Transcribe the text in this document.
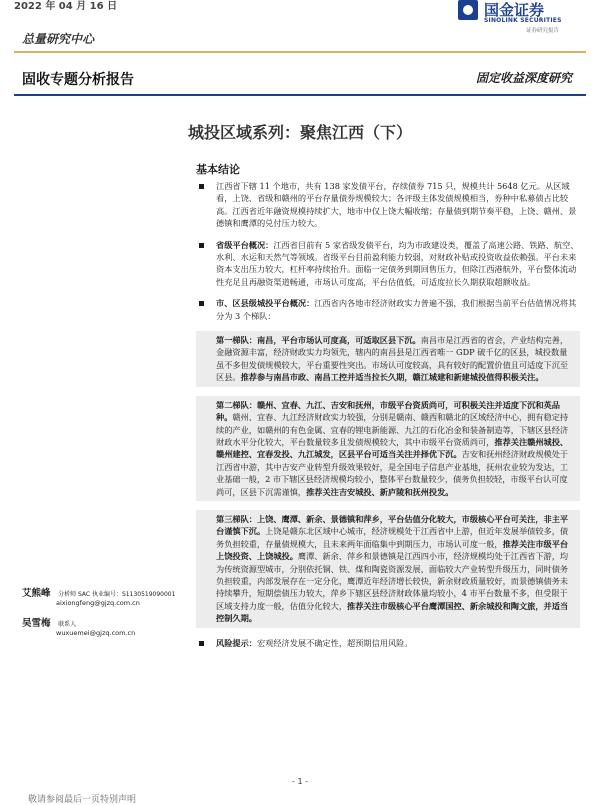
2022 年 04 月 16 日
总量研究中心
国金证券
SINOLINK SECURITIES
证券研究报告
固收专题分析报告	固定收益深度研究
城投区域系列：聚焦江西（下）
基本结论

江西省下辖 11 个地市，共有 138 家发债平台，存续债券 715 只，规模共计 5648 亿元。从区域看，上饶、省级和赣州的平台存量债券规模较大；各评级主体发债规模相当，券种中私募债占比较高。江西省近年融资规模持续扩大，地市中仅上饶大幅收缩；存量债到期节奏平稳，上饶、赣州、景德镇和鹰潭的兑付压力较大。

省级平台概况：江西省目前有 5 家省级发债平台，均为市政建设类，覆盖了高速公路、铁路、航空、水利、水运和天然气等领域。省级平台目前盈利能力较弱，对财政补贴或投资收益依赖强。平台未来资本支出压力较大，杠杆率持续抬升。面临一定债务到期回售压力，但除江西港航外，平台整体流动性充足且再融资渠道畅通，市场认可度高，平台估值低，可适度拉长久期获取超额收益。

市、区县级城投平台概况：江西省内各地市经济财政实力普遍不强，我们根据当前平台估值情况将其分为 3 个梯队：

第一梯队：南昌，平台市场认可度高，可适取区县下沉。南昌市是江西省的省会，产业结构完善，金融资源丰富，经济财政实力均领先，辖内的南昌县是江西省唯一 GDP 破千亿的区县，城投数量虽不多但发债规模较大，平台重要性突出。市场认可度较高，具有较好的配置价值且可适度下沉至区县。推荐参与南昌市政、南昌工控并适当拉长久期，赣江城建和新建城投值得积极关注。

第二梯队：赣州、宜春、九江、吉安和抚州，市级平台资质尚可，可积极关注并适度下沉和英品种。赣州、宜春、九江经济财政实力较强，分别是赣南、赣西和赣北的区域经济中心，拥有稳定持续的产业，如赣州的有色金属、宜春的锂电新能源、九江的石化冶金和装备制造等，下辖区县经济财政水平分化较大，平台数量较多且发债规模较大，其中市级平台资质尚可，推荐关注赣州城投、赣州建控、宜春发投、九江城发，区县平台可适当关注并择优下沉。吉安和抚州经济财政规模处于江西省中游，其中吉安产业转型升级效果较好，是全国电子信息产业基地，抚州农业较为发达，工业基础一般，2 市下辖区县经济规模均较小，整体平台数量较少，债务负担较轻，市级平台认可度尚可，区县下沉需谨慎，推荐关注吉安城投、新庐陵和抚州投发。

第三梯队：上饶、鹰潭、新余、景德镇和萍乡，平台估值分化较大，市级核心平台可关注，非主平台谨慎下沉。上饶是赣东北区域中心城市，经济规模处于江西省中上游，但近年发展举债较多，债务负担较重，存量债规模大，且未来两年面临集中到期压力，市场认可度一般，推荐关注市级平台上饶投资、上饶城投。鹰潭、新余、萍乡和景德镇是江西四小市，经济规模均处于江西省下游，均为传统资源型城市，分别依托铜、铁、煤和陶瓷资源发展，面临较大产业转型升级压力，同时债务负担较重，内部发展存在一定分化，鹰潭近年经济增长较快，新余财政质量较好，而景德镇债务未持续攀升，短期偿债压力较大，萍乡下辖区县经济财政体量均较小，4 市平台数量不多，但受限于区域支持力度一般，估值分化较大，推荐关注市级核心平台鹰潭国控、新余城投和陶文旅，并适当控制久期。

风险提示：宏观经济发展不确定性，超预期信用风险。

艾熊峰 分析师 SAC 执业编号：S1130519090001
aixiongfeng@gjzq.com.cn
吴雪梅 联系人
wuxuemei@gjzq.com.cn
- 1 -
敬请参阅最后一页特别声明
